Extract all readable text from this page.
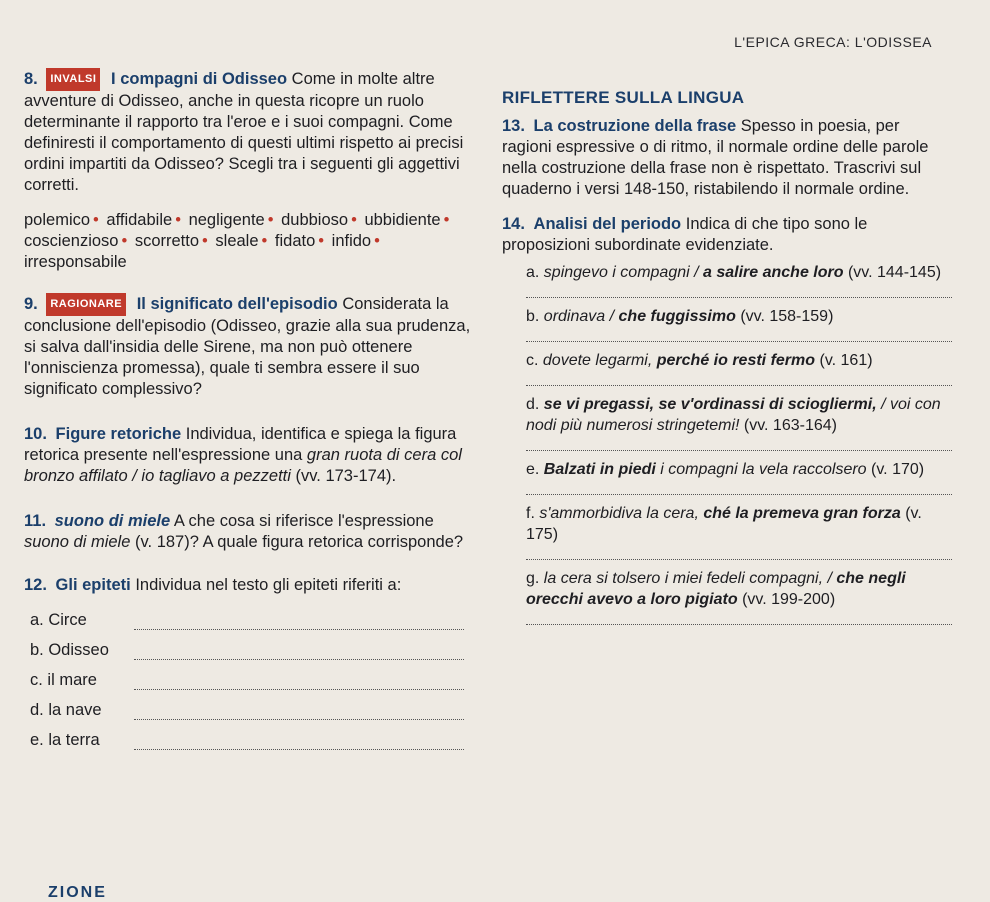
L'EPICA GRECA: L'ODISSEA
8. INVALSI I compagni di Odisseo Come in molte altre avventure di Odisseo, anche in questa ricopre un ruolo determinante il rapporto tra l'eroe e i suoi compagni. Come definiresti il comportamento di questi ultimi rispetto ai precisi ordini impartiti da Odisseo? Scegli tra i seguenti gli aggettivi corretti.
polemico • affidabile • negligente • dubbioso • ubbidiente • coscienzioso • scorretto • sleale • fidato • infido • irresponsabile
9. RAGIONARE Il significato dell'episodio Considerata la conclusione dell'episodio (Odisseo, grazie alla sua prudenza, si salva dall'insidia delle Sirene, ma non può ottenere l'onniscienza promessa), quale ti sembra essere il suo significato complessivo?
10. Figure retoriche Individua, identifica e spiega la figura retorica presente nell'espressione una gran ruota di cera col bronzo affilato / io tagliavo a pezzetti (vv. 173-174).
11. suono di miele A che cosa si riferisce l'espressione suono di miele (v. 187)? A quale figura retorica corrisponde?
12. Gli epiteti Individua nel testo gli epiteti riferiti a:
a. Circe
b. Odisseo
c. il mare
d. la nave
e. la terra
RIFLETTERE SULLA LINGUA
13. La costruzione della frase Spesso in poesia, per ragioni espressive o di ritmo, il normale ordine delle parole nella costruzione della frase non è rispettato. Trascrivi sul quaderno i versi 148-150, ristabilendo il normale ordine.
14. Analisi del periodo Indica di che tipo sono le proposizioni subordinate evidenziate.
a. spingevo i compagni / a salire anche loro (vv. 144-145)
b. ordinava / che fuggissimo (vv. 158-159)
c. dovete legarmi, perché io resti fermo (v. 161)
d. se vi pregassi, se v'ordinassi di sciogliermi, / voi con nodi più numerosi stringetemi! (vv. 163-164)
e. Balzati in piedi i compagni la vela raccolsero (v. 170)
f. s'ammorbidiva la cera, ché la premeva gran forza (v. 175)
g. la cera si tolsero i miei fedeli compagni, / che negli orecchi avevo a loro pigiato (vv. 199-200)
ZIONE
